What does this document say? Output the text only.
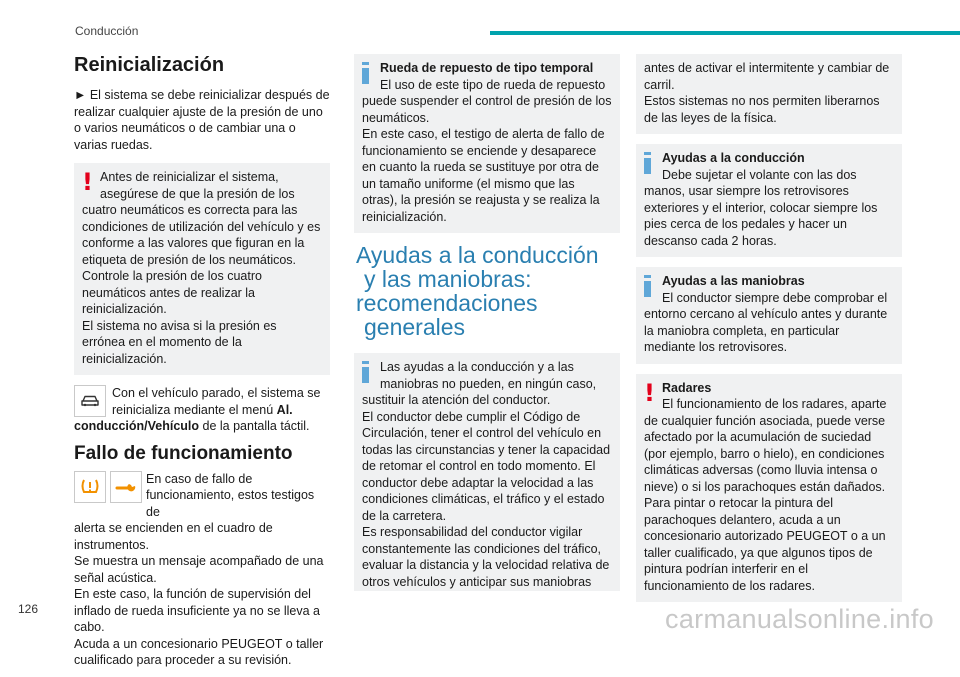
Conducción
Reinicialización

► El sistema se debe reinicializar después de realizar cualquier ajuste de la presión de uno o varios neumáticos o de cambiar una o varias ruedas.

! Antes de reinicializar el sistema,

asegúrese de que la presión de los cuatro neumáticos es correcta para las condiciones de utilización del vehículo y es conforme a las valores que figuran en la etiqueta de presión de los neumáticos.

Controle la presión de los cuatro neumáticos antes de realizar la reinicialización.

El sistema no avisa si la presión es errónea en el momento de la reinicialización.

Con el vehículo parado, el sistema se

reinicializa mediante el menú Al.

conducción/Vehículo de la pantalla táctil.

Fallo de funcionamiento

En caso de fallo de

funcionamiento, estos testigos de

alerta se encienden en el cuadro de instrumentos.

Se muestra un mensaje acompañado de una señal acústica.

En este caso, la función de supervisión del inflado de rueda insuficiente ya no se lleva a cabo.

Acuda a un concesionario PEUGEOT o taller cualificado para proceder a su revisión.

Rueda de repuesto de tipo temporal

El uso de este tipo de rueda de repuesto

puede suspender el control de presión de los neumáticos.

En este caso, el testigo de alerta de fallo de funcionamiento se enciende y desaparece en cuanto la rueda se sustituye por otra de un tamaño uniforme (el mismo que las otras), la presión se reajusta y se realiza la reinicialización.

Ayudas a la conducción
y las maniobras:
recomendaciones
generales

Las ayudas a la conducción y a las

maniobras no pueden, en ningún caso,

sustituir la atención del conductor.

El conductor debe cumplir el Código de Circulación, tener el control del vehículo en todas las circunstancias y tener la capacidad de retomar el control en todo momento. El conductor debe adaptar la velocidad a las condiciones climáticas, el tráfico y el estado de la carretera.

Es responsabilidad del conductor vigilar constantemente las condiciones del tráfico, evaluar la distancia y la velocidad relativa de otros vehículos y anticipar sus maniobras

antes de activar el intermitente y cambiar de carril.

Estos sistemas no nos permiten liberarnos de las leyes de la física.

Ayudas a la conducción

Debe sujetar el volante con las dos

manos, usar siempre los retrovisores exteriores y el interior, colocar siempre los pies cerca de los pedales y hacer un descanso cada 2 horas.

Ayudas a las maniobras

El conductor siempre debe comprobar el

entorno cercano al vehículo antes y durante la maniobra completa, en particular mediante los retrovisores.

! Radares

El funcionamiento de los radares, aparte

de cualquier función asociada, puede verse afectado por la acumulación de suciedad (por ejemplo, barro o hielo), en condiciones climáticas adversas (como lluvia intensa o nieve) o si los parachoques están dañados.

Para pintar o retocar la pintura del parachoques delantero, acuda a un concesionario autorizado PEUGEOT o a un taller cualificado, ya que algunos tipos de pintura podrían interferir en el funcionamiento de los radares.

126	carmanualsonline.info
